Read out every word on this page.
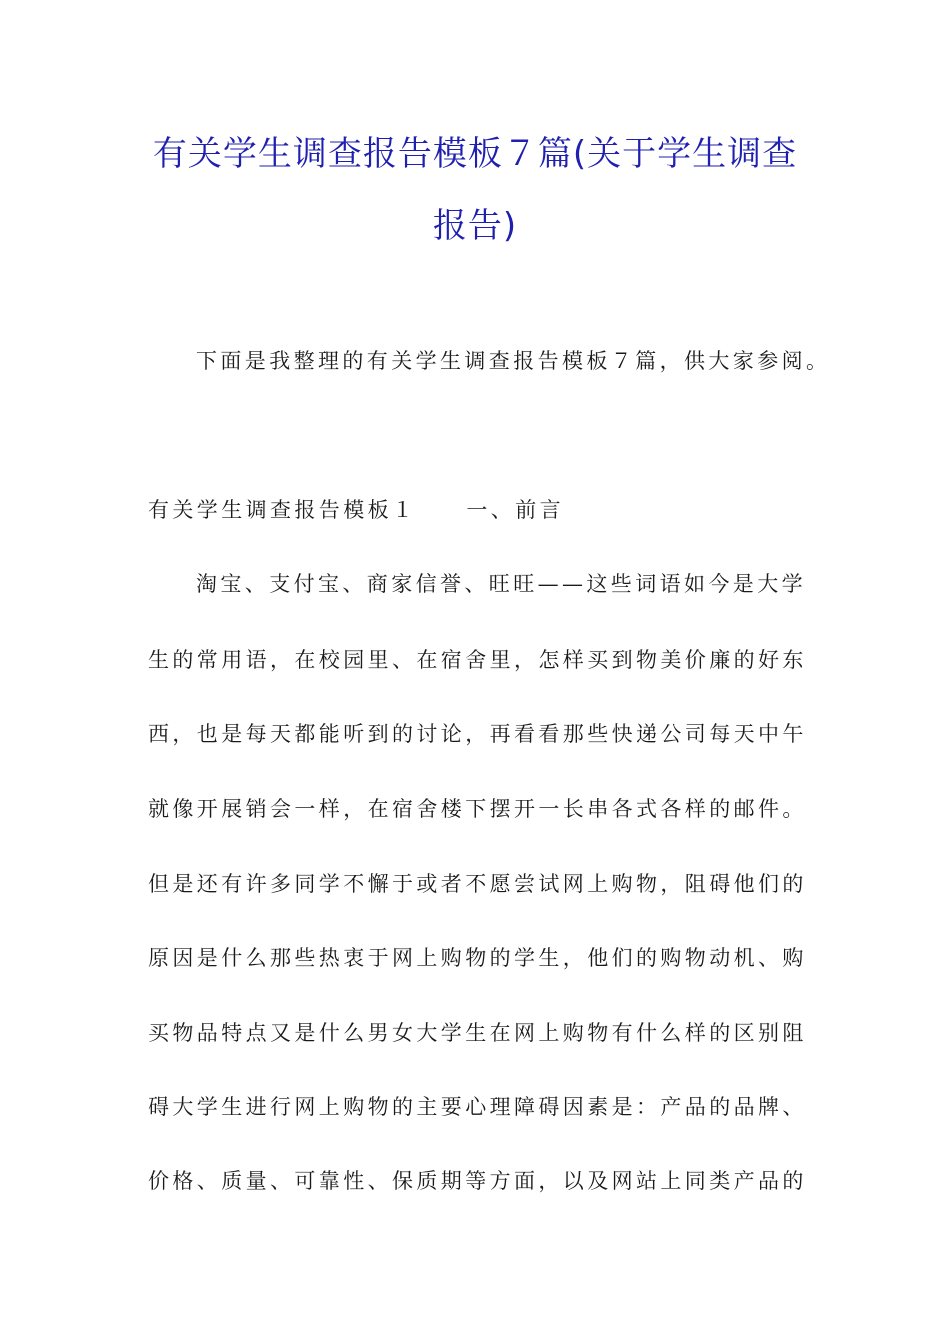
有关学生调查报告模板７篇(关于学生调查
报告)
下面是我整理的有关学生调查报告模板７篇，供大家参阅。
有关学生调查报告模板１ 一、前言
淘宝、支付宝、商家信誉、旺旺——这些词语如今是大学
生的常用语，在校园里、在宿舍里，怎样买到物美价廉的好东
西，也是每天都能听到的讨论，再看看那些快递公司每天中午
就像开展销会一样，在宿舍楼下摆开一长串各式各样的邮件。
但是还有许多同学不懈于或者不愿尝试网上购物，阻碍他们的
原因是什么那些热衷于网上购物的学生，他们的购物动机、购
买物品特点又是什么男女大学生在网上购物有什么样的区别阻
碍大学生进行网上购物的主要心理障碍因素是：产品的品牌、
价格、质量、可靠性、保质期等方面，以及网站上同类产品的
